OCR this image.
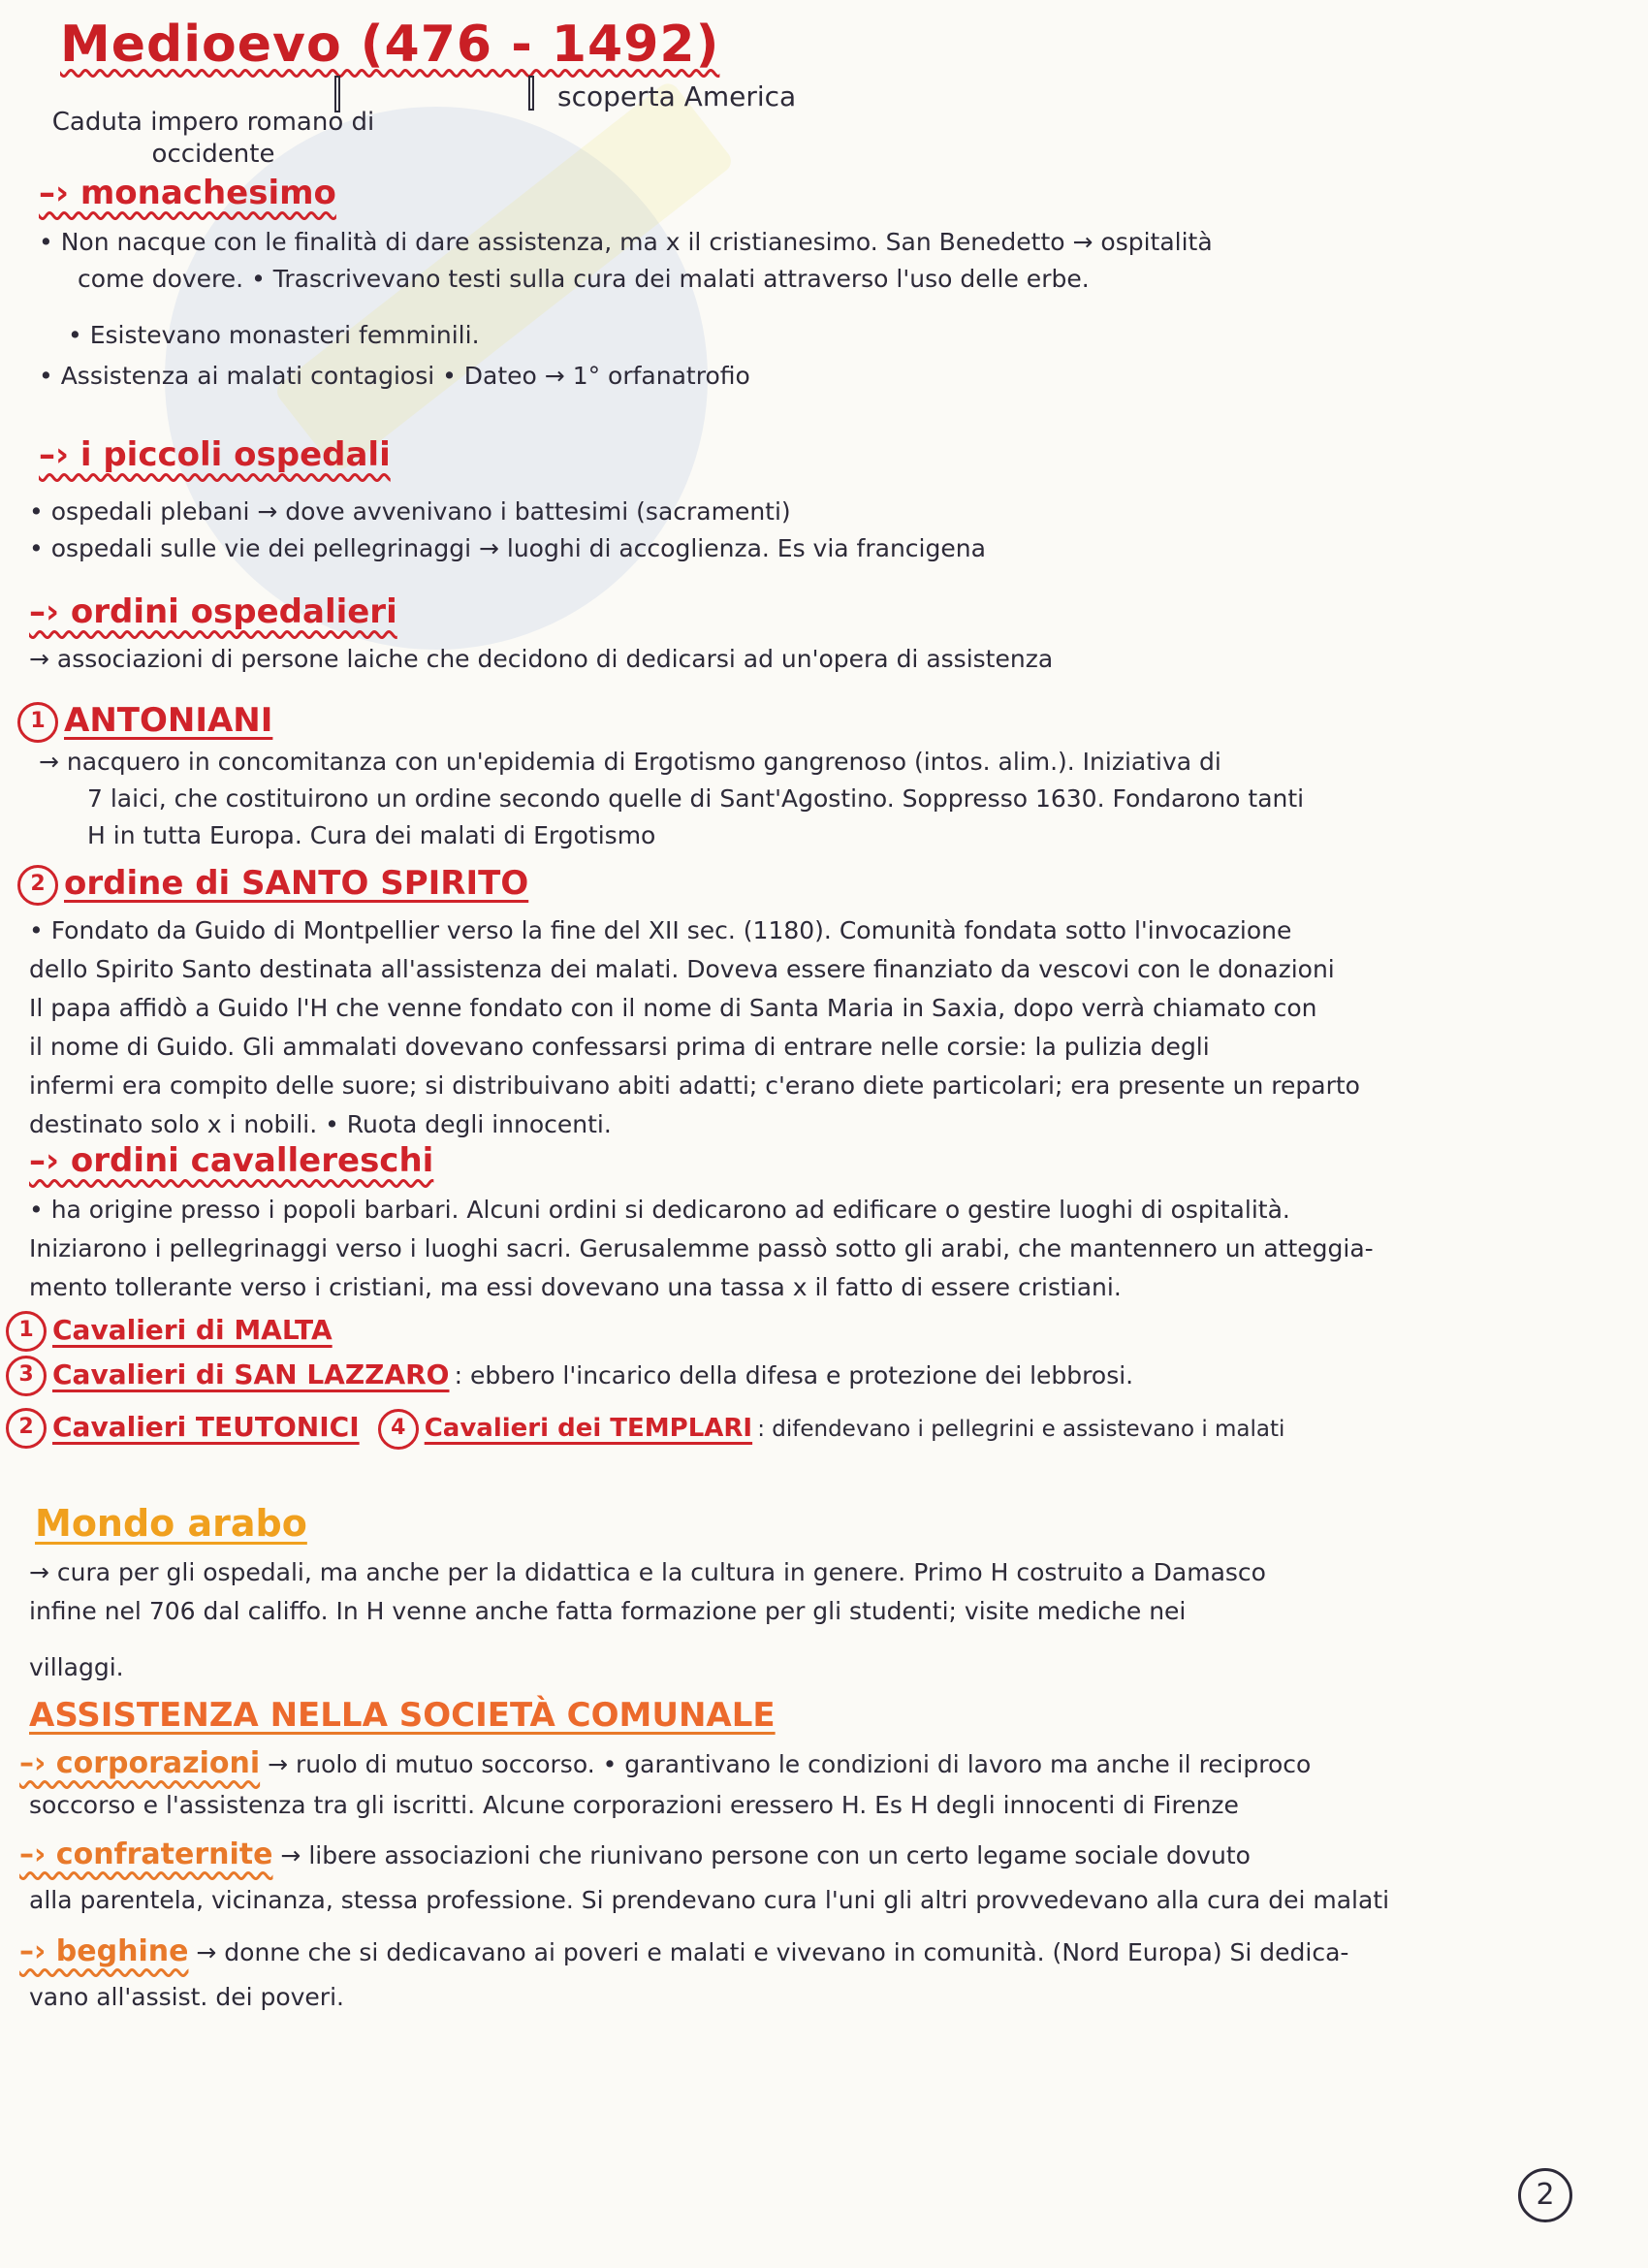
Medioevo (476 - 1492)
Caduta impero romano di occidente
scoperta America
–› monachesimo
• Non nacque con le finalità di dare assistenza, ma x il cristianesimo. San Benedetto → ospitalità
come dovere. • Trascrivevano testi sulla cura dei malati attraverso l'uso delle erbe.
• Esistevano monasteri femminili.
• Assistenza ai malati contagiosi • Dateo → 1° orfanatrofio
–› i piccoli ospedali
• ospedali plebani → dove avvenivano i battesimi (sacramenti)
• ospedali sulle vie dei pellegrinaggi → luoghi di accoglienza. Es via francigena
–› ordini ospedalieri
→ associazioni di persone laiche che decidono di dedicarsi ad un'opera di assistenza
1 ANTONIANI
→ nacquero in concomitanza con un'epidemia di Ergotismo gangrenoso (intos. alim.). Iniziativa di
7 laici, che costituirono un ordine secondo quelle di Sant'Agostino. Soppresso 1630. Fondarono tanti
H in tutta Europa. Cura dei malati di Ergotismo
2 ordine di SANTO SPIRITO
• Fondato da Guido di Montpellier verso la fine del XII sec. (1180). Comunità fondata sotto l'invocazione
dello Spirito Santo destinata all'assistenza dei malati. Doveva essere finanziato da vescovi con le donazioni
Il papa affidò a Guido l'H che venne fondato con il nome di Santa Maria in Saxia, dopo verrà chiamato con
il nome di Guido. Gli ammalati dovevano confessarsi prima di entrare nelle corsie: la pulizia degli
infermi era compito delle suore; si distribuivano abiti adatti; c'erano diete particolari; era presente un reparto
destinato solo x i nobili. • Ruota degli innocenti.
–› ordini cavallereschi
• ha origine presso i popoli barbari. Alcuni ordini si dedicarono ad edificare o gestire luoghi di ospitalità.
Iniziarono i pellegrinaggi verso i luoghi sacri. Gerusalemme passò sotto gli arabi, che mantennero un atteggia-
mento tollerante verso i cristiani, ma essi dovevano una tassa x il fatto di essere cristiani.
1 Cavalieri di MALTA
3 Cavalieri di SAN LAZZARO : ebbero l'incarico della difesa e protezione dei lebbrosi.
2 Cavalieri TEUTONICI 4 Cavalieri dei TEMPLARI : difendevano i pellegrini e assistevano i malati
Mondo arabo
→ cura per gli ospedali, ma anche per la didattica e la cultura in genere. Primo H costruito a Damasco
infine nel 706 dal califfo. In H venne anche fatta formazione per gli studenti; visite mediche nei
villaggi.
ASSISTENZA NELLA SOCIETÀ COMUNALE
–› corporazioni → ruolo di mutuo soccorso. • garantivano le condizioni di lavoro ma anche il reciproco
soccorso e l'assistenza tra gli iscritti. Alcune corporazioni eressero H. Es H degli innocenti di Firenze
–› confraternite → libere associazioni che riunivano persone con un certo legame sociale dovuto
alla parentela, vicinanza, stessa professione. Si prendevano cura l'uni gli altri provvedevano alla cura dei malati
–› beghine → donne che si dedicavano ai poveri e malati e vivevano in comunità. (Nord Europa) Si dedica-
vano all'assist. dei poveri.
2
